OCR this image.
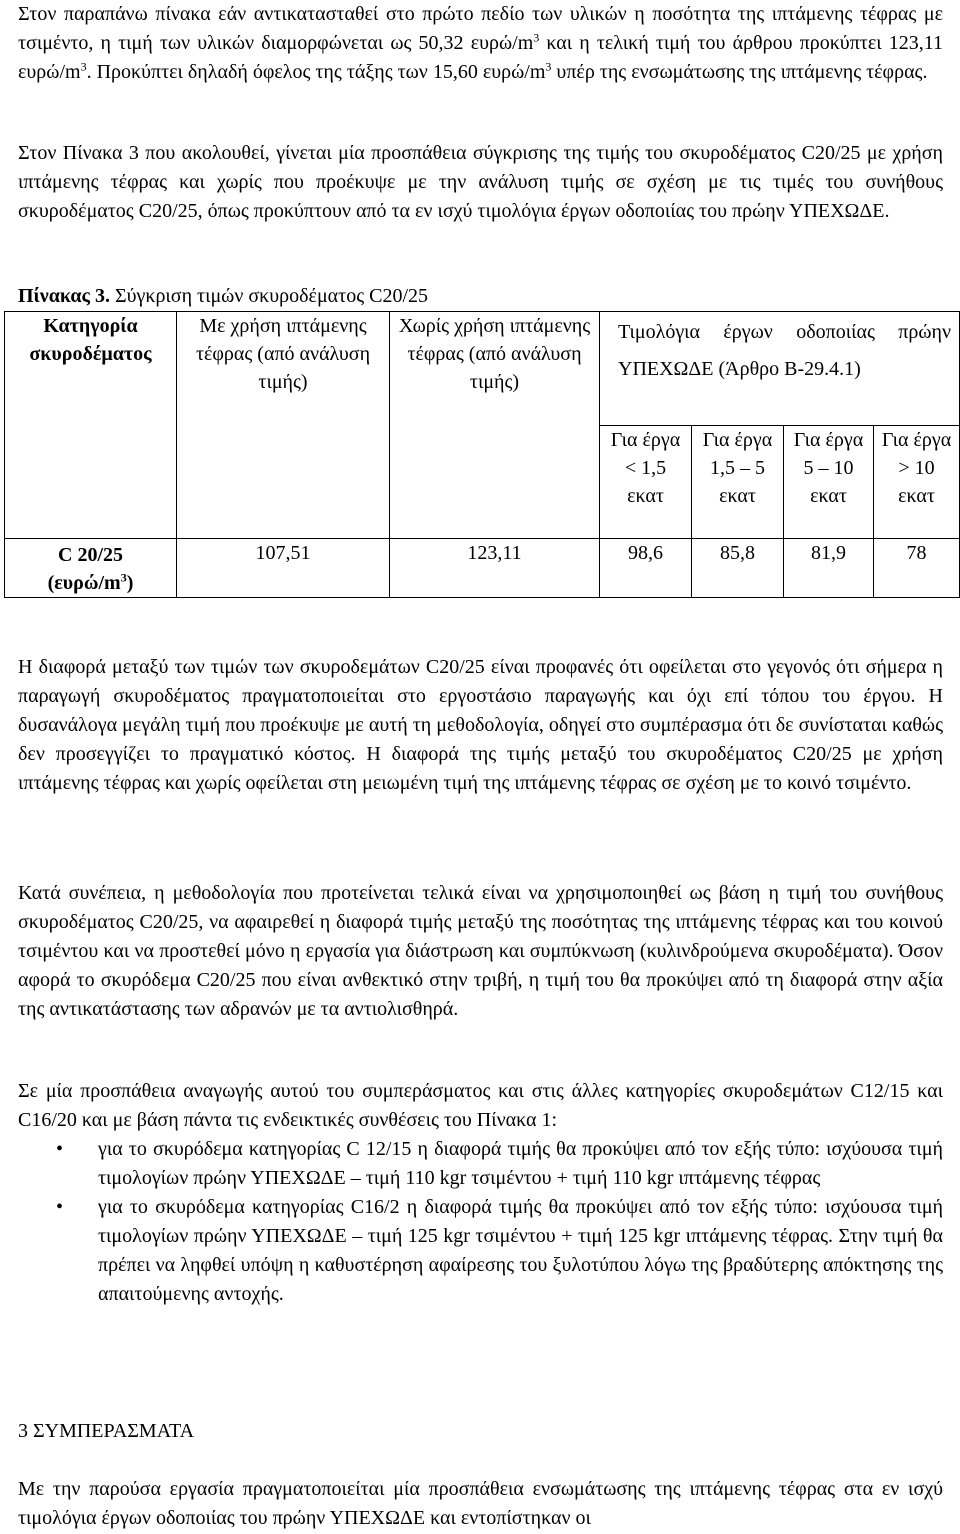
Στον παραπάνω πίνακα εάν αντικατασταθεί στο πρώτο πεδίο των υλικών η ποσότητα της ιπτάμενης τέφρας με τσιμέντο, η τιμή των υλικών διαμορφώνεται ως 50,32 ευρώ/$m^3$ και η τελική τιμή του άρθρου προκύπτει 123,11 ευρώ/$m^3$. Προκύπτει δηλαδή όφελος της τάξης των 15,60 ευρώ/$m^3$ υπέρ της ενσωμάτωσης της ιπτάμενης τέφρας.

Στον Πίνακα 3 που ακολουθεί, γίνεται μία προσπάθεια σύγκρισης της τιμής του σκυροδέματος C20/25 με χρήση ιπτάμενης τέφρας και χωρίς που προέκυψε με την ανάλυση τιμής σε σχέση με τις τιμές του συνήθους σκυροδέματος C20/25, όπως προκύπτουν από τα εν ισχύ τιμολόγια έργων οδοποιίας του πρώην ΥΠΕΧΩΔΕ.

Πίνακας 3. Σύγκριση τιμών σκυροδέματος C20/25

Κατηγορία σκυροδέματος	Με χρήση ιπτάμενης τέφρας (από ανάλυση τιμής)	Χωρίς χρήση ιπτάμενης τέφρας (από ανάλυση τιμής)	Τιμολόγια έργων οδοποιίας πρώην ΥΠΕΧΩΔΕ (Άρθρο Β-29.4.1)			

			Για έργα < 1,5 εκατ	Για έργα 1,5 – 5 εκατ	Για έργα 5 – 10 εκατ	Για έργα > 10 εκατ
C 20/25
$(\varepsilon\upsilon\rho ώ/m^3)$	107,51	123,11	98,6	85,8	81,9	78

Η διαφορά μεταξύ των τιμών των σκυροδεμάτων C20/25 είναι προφανές ότι οφείλεται στο γεγονός ότι σήμερα η παραγωγή σκυροδέματος πραγματοποιείται στο εργοστάσιο παραγωγής και όχι επί τόπου του έργου. Η δυσανάλογα μεγάλη τιμή που προέκυψε με αυτή τη μεθοδολογία, οδηγεί στο συμπέρασμα ότι δε συνίσταται καθώς δεν προσεγγίζει το πραγματικό κόστος. Η διαφορά της τιμής μεταξύ του σκυροδέματος C20/25 με χρήση ιπτάμενης τέφρας και χωρίς οφείλεται στη μειωμένη τιμή της ιπτάμενης τέφρας σε σχέση με το κοινό τσιμέντο.

Κατά συνέπεια, η μεθοδολογία που προτείνεται τελικά είναι να χρησιμοποιηθεί ως βάση η τιμή του συνήθους σκυροδέματος C20/25, να αφαιρεθεί η διαφορά τιμής μεταξύ της ποσότητας της ιπτάμενης τέφρας και του κοινού τσιμέντου και να προστεθεί μόνο η εργασία για διάστρωση και συμπύκνωση (κυλινδρούμενα σκυροδέματα). Όσον αφορά το σκυρόδεμα C20/25 που είναι ανθεκτικό στην τριβή, η τιμή του θα προκύψει από τη διαφορά στην αξία της αντικατάστασης των αδρανών με τα αντιολισθηρά.

Σε μία προσπάθεια αναγωγής αυτού του συμπεράσματος και στις άλλες κατηγορίες σκυροδεμάτων C12/15 και C16/20 και με βάση πάντα τις ενδεικτικές συνθέσεις του Πίνακα 1:

• για το σκυρόδεμα κατηγορίας C 12/15 η διαφορά τιμής θα προκύψει από τον εξής τύπο: ισχύουσα τιμή τιμολογίων πρώην ΥΠΕΧΩΔΕ – τιμή 110 kgr τσιμέντου + τιμή 110 kgr ιπτάμενης τέφρας
• για το σκυρόδεμα κατηγορίας C16/2 η διαφορά τιμής θα προκύψει από τον εξής τύπο: ισχύουσα τιμή τιμολογίων πρώην ΥΠΕΧΩΔΕ – τιμή 125 kgr τσιμέντου + τιμή 125 kgr ιπτάμενης τέφρας. Στην τιμή θα πρέπει να ληφθεί υπόψη η καθυστέρηση αφαίρεσης του ξυλοτύπου λόγω της βραδύτερης απόκτησης της απαιτούμενης αντοχής.

3 ΣΥΜΠΕΡΑΣΜΑΤΑ

Με την παρούσα εργασία πραγματοποιείται μία προσπάθεια ενσωμάτωσης της ιπτάμενης τέφρας στα εν ισχύ τιμολόγια έργων οδοποιίας του πρώην ΥΠΕΧΩΔΕ και εντοπίστηκαν οι
